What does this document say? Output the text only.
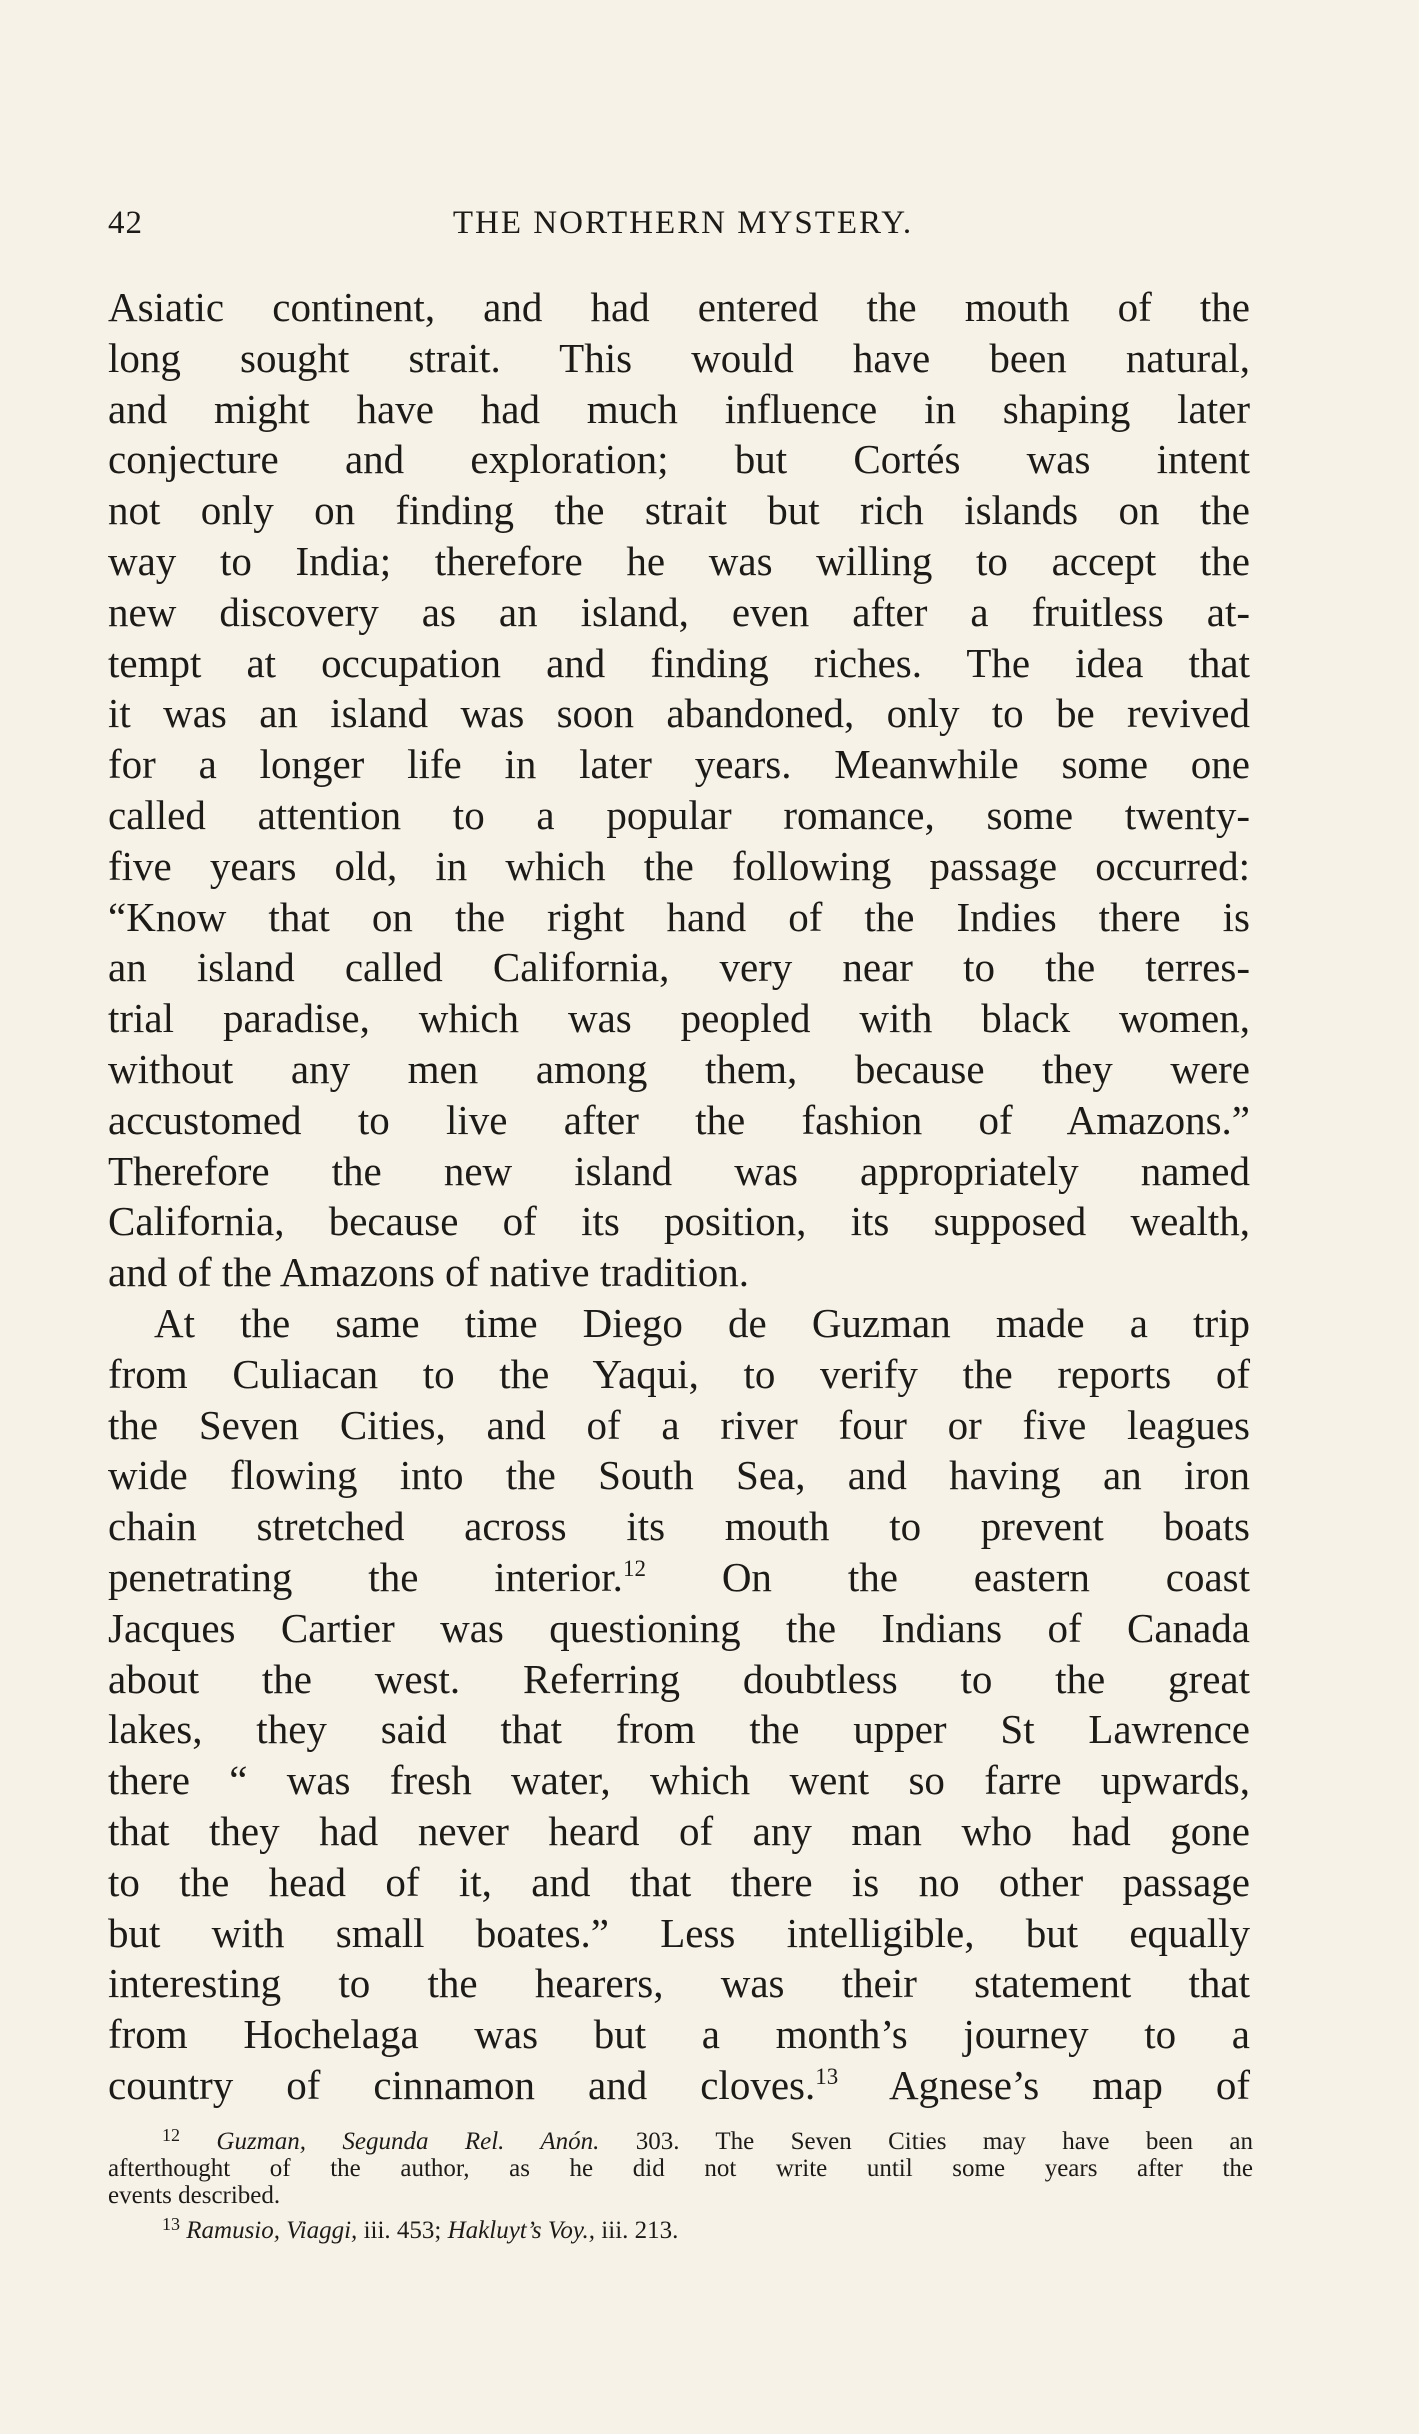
42	THE NORTHERN MYSTERY.
Asiatic continent, and had entered the mouth of the
long sought strait. This would have been natural,
and might have had much influence in shaping later
conjecture and exploration; but Cortés was intent
not only on finding the strait but rich islands on the
way to India; therefore he was willing to accept the
new discovery as an island, even after a fruitless at-
tempt at occupation and finding riches. The idea that
it was an island was soon abandoned, only to be revived
for a longer life in later years. Meanwhile some one
called attention to a popular romance, some twenty-
five years old, in which the following passage occurred:
“Know that on the right hand of the Indies there is
an island called California, very near to the terres-
trial paradise, which was peopled with black women,
without any men among them, because they were
accustomed to live after the fashion of Amazons.”
Therefore the new island was appropriately named
California, because of its position, its supposed wealth,
and of the Amazons of native tradition.
At the same time Diego de Guzman made a trip
from Culiacan to the Yaqui, to verify the reports of
the Seven Cities, and of a river four or five leagues
wide flowing into the South Sea, and having an iron
chain stretched across its mouth to prevent boats
penetrating the interior.$^{12}$ On the eastern coast
Jacques Cartier was questioning the Indians of Canada
about the west. Referring doubtless to the great
lakes, they said that from the upper St Lawrence
there “ was fresh water, which went so farre upwards,
that they had never heard of any man who had gone
to the head of it, and that there is no other passage
but with small boates.” Less intelligible, but equally
interesting to the hearers, was their statement that
from Hochelaga was but a month’s journey to a
country of cinnamon and cloves.$^{13}$ Agnese’s map of
$^{12}$ Guzman, Segunda Rel. Anón. 303. The Seven Cities may have been an
afterthought of the author, as he did not write until some years after the
events described.
$^{13}$ Ramusio, Viaggi, iii. 453; Hakluyt’s Voy., iii. 213.
